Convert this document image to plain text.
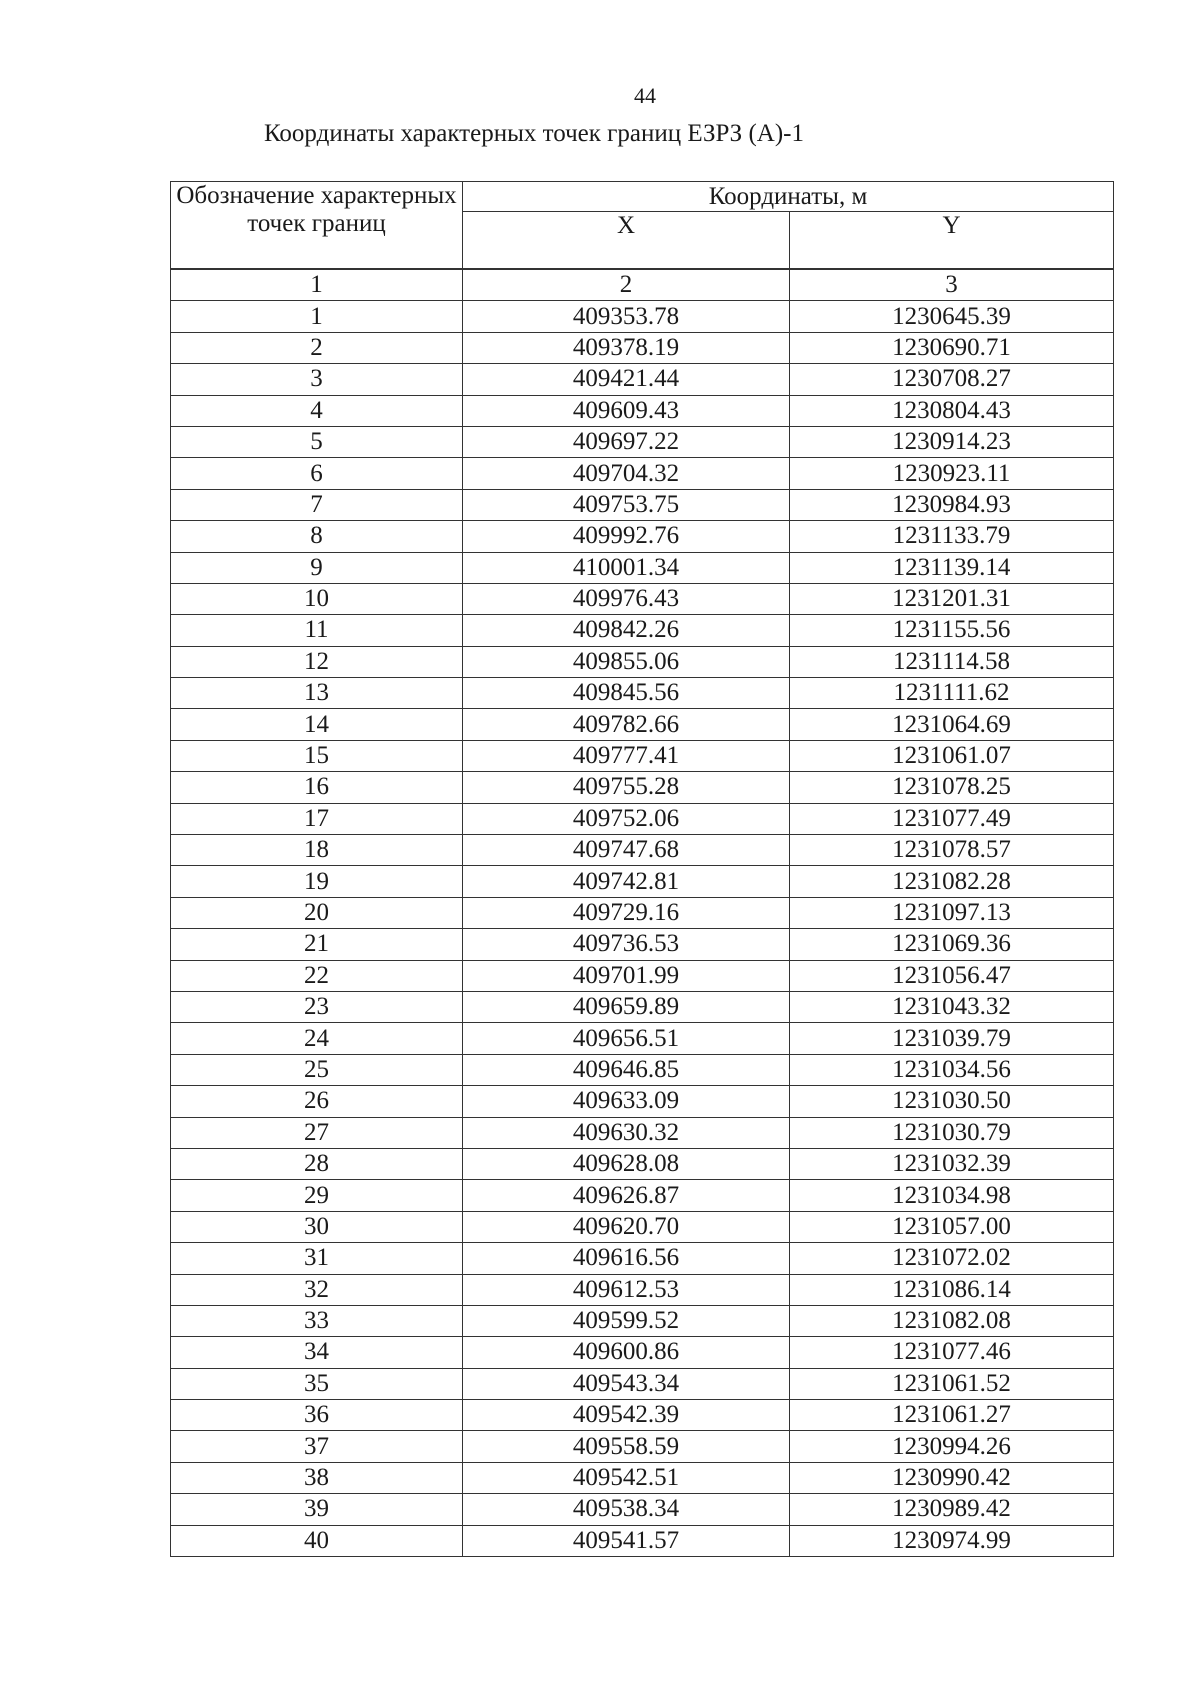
44
Координаты характерных точек границ ЕЗРЗ (А)-1
Обозначение характерных точек границ	Координаты, м	
	X	Y
1	2	3
1	409353.78	1230645.39
2	409378.19	1230690.71
3	409421.44	1230708.27
4	409609.43	1230804.43
5	409697.22	1230914.23
6	409704.32	1230923.11
7	409753.75	1230984.93
8	409992.76	1231133.79
9	410001.34	1231139.14
10	409976.43	1231201.31
11	409842.26	1231155.56
12	409855.06	1231114.58
13	409845.56	1231111.62
14	409782.66	1231064.69
15	409777.41	1231061.07
16	409755.28	1231078.25
17	409752.06	1231077.49
18	409747.68	1231078.57
19	409742.81	1231082.28
20	409729.16	1231097.13
21	409736.53	1231069.36
22	409701.99	1231056.47
23	409659.89	1231043.32
24	409656.51	1231039.79
25	409646.85	1231034.56
26	409633.09	1231030.50
27	409630.32	1231030.79
28	409628.08	1231032.39
29	409626.87	1231034.98
30	409620.70	1231057.00
31	409616.56	1231072.02
32	409612.53	1231086.14
33	409599.52	1231082.08
34	409600.86	1231077.46
35	409543.34	1231061.52
36	409542.39	1231061.27
37	409558.59	1230994.26
38	409542.51	1230990.42
39	409538.34	1230989.42
40	409541.57	1230974.99
